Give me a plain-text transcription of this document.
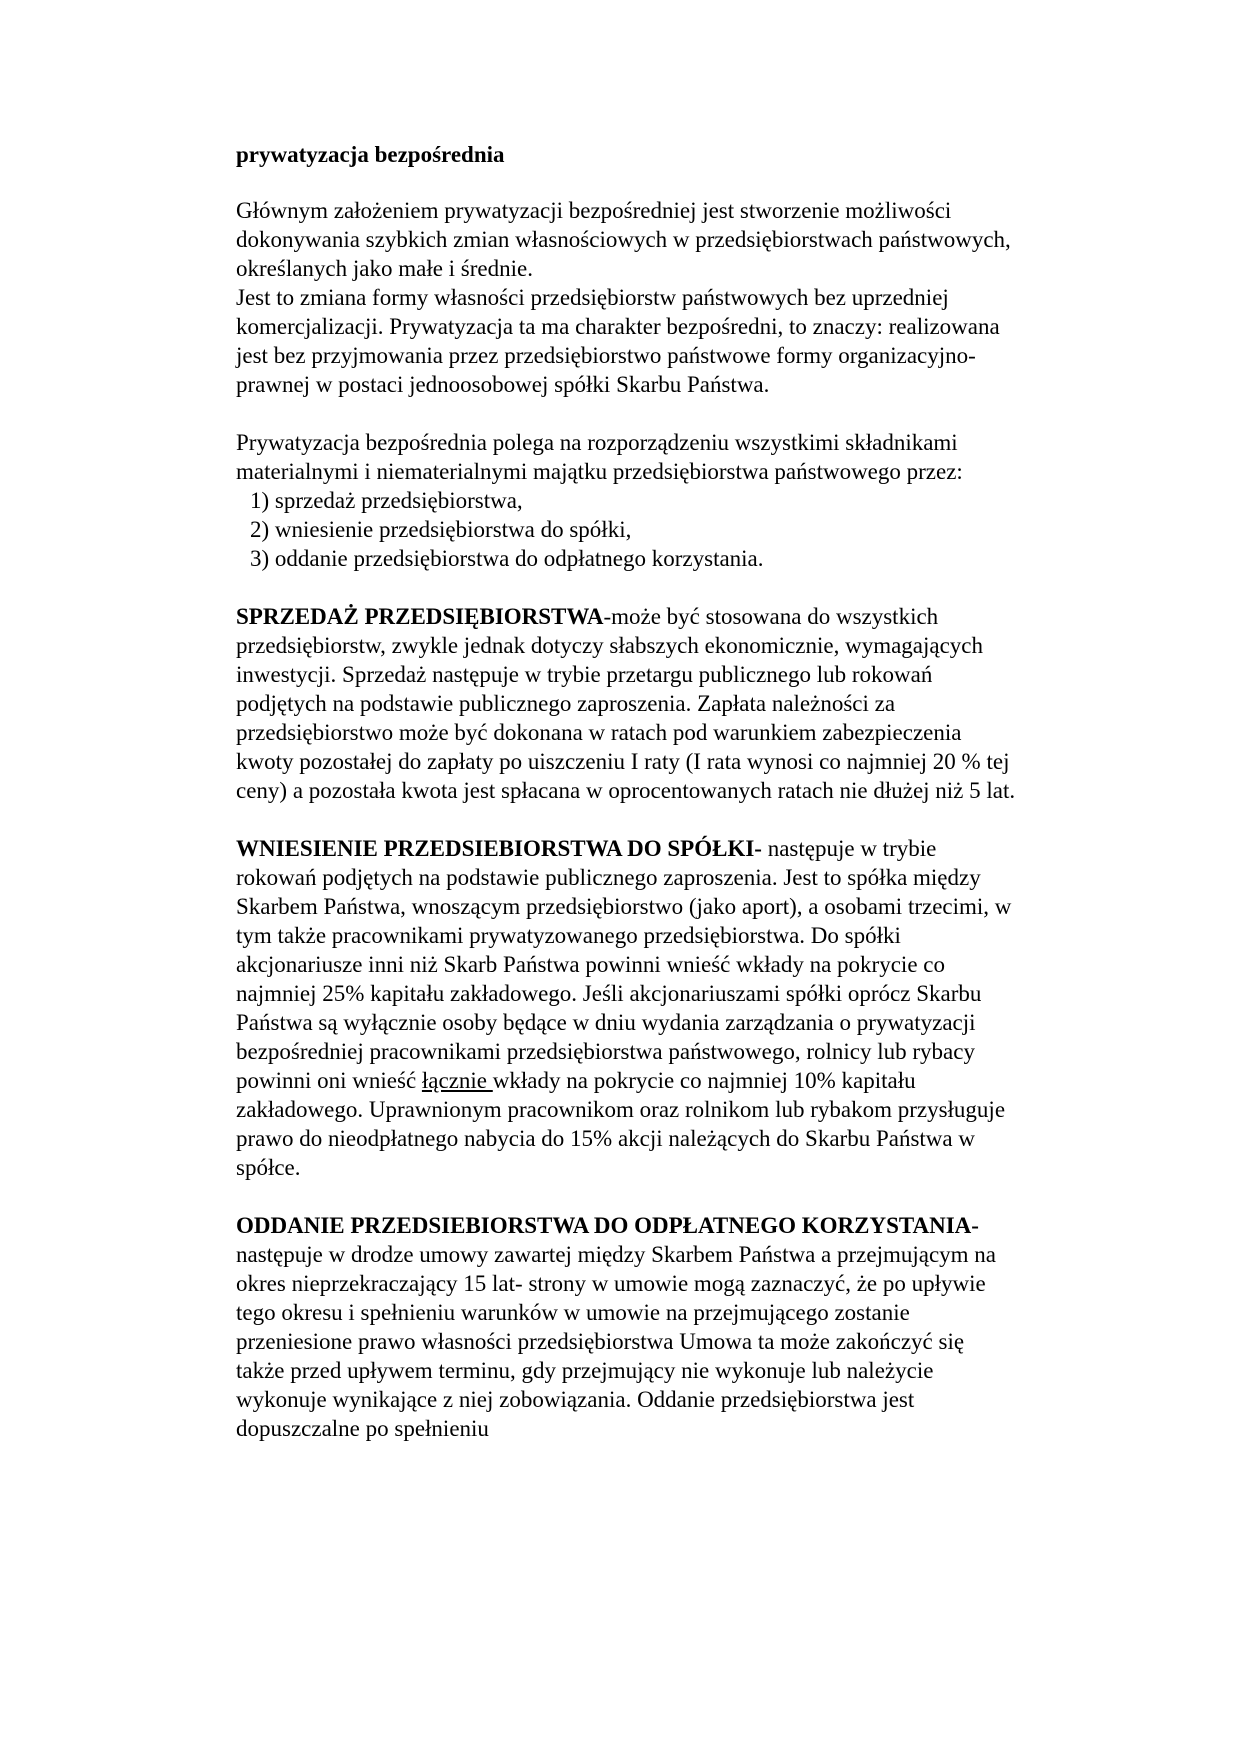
prywatyzacja bezpośrednia

Głównym założeniem prywatyzacji bezpośredniej jest stworzenie możliwości dokonywania szybkich zmian własnościowych w przedsiębiorstwach państwowych, określanych jako małe i średnie.

Jest to zmiana formy własności przedsiębiorstw państwowych bez uprzedniej komercjalizacji. Prywatyzacja ta ma charakter bezpośredni, to znaczy: realizowana jest bez przyjmowania przez przedsiębiorstwo państwowe formy organizacyjno-prawnej w postaci jednoosobowej spółki Skarbu Państwa.

Prywatyzacja bezpośrednia polega na rozporządzeniu wszystkimi składnikami materialnymi i niematerialnymi majątku przedsiębiorstwa państwowego przez:

1) sprzedaż przedsiębiorstwa,
2) wniesienie przedsiębiorstwa do spółki,
3) oddanie przedsiębiorstwa do odpłatnego korzystania.

SPRZEDAŻ PRZEDSIĘBIORSTWA-może być stosowana do wszystkich przedsiębiorstw, zwykle jednak dotyczy słabszych ekonomicznie, wymagających inwestycji. Sprzedaż następuje w trybie przetargu publicznego lub rokowań podjętych na podstawie publicznego zaproszenia. Zapłata należności za przedsiębiorstwo może być dokonana w ratach pod warunkiem zabezpieczenia kwoty pozostałej do zapłaty po uiszczeniu I raty (I rata wynosi co najmniej 20 % tej ceny) a pozostała kwota jest spłacana w oprocentowanych ratach nie dłużej niż 5 lat.

WNIESIENIE PRZEDSIEBIORSTWA DO SPÓŁKI- następuje w trybie rokowań podjętych na podstawie publicznego zaproszenia. Jest to spółka między Skarbem Państwa, wnoszącym przedsiębiorstwo (jako aport), a osobami trzecimi, w tym także pracownikami prywatyzowanego przedsiębiorstwa. Do spółki akcjonariusze inni niż Skarb Państwa powinni wnieść wkłady na pokrycie co najmniej 25% kapitału zakładowego. Jeśli akcjonariuszami spółki oprócz Skarbu Państwa są wyłącznie osoby będące w dniu wydania zarządzania o prywatyzacji bezpośredniej pracownikami przedsiębiorstwa państwowego, rolnicy lub rybacy powinni oni wnieść łącznie wkłady na pokrycie co najmniej 10% kapitału zakładowego. Uprawnionym pracownikom oraz rolnikom lub rybakom przysługuje prawo do nieodpłatnego nabycia do 15% akcji należących do Skarbu Państwa w spółce.

ODDANIE PRZEDSIEBIORSTWA DO ODPŁATNEGO KORZYSTANIA- następuje w drodze umowy zawartej między Skarbem Państwa a przejmującym na okres nieprzekraczający 15 lat- strony w umowie mogą zaznaczyć, że po upływie tego okresu i spełnieniu warunków w umowie na przejmującego zostanie przeniesione prawo własności przedsiębiorstwa Umowa ta może zakończyć się także przed upływem terminu, gdy przejmujący nie wykonuje lub należycie wykonuje wynikające z niej zobowiązania. Oddanie przedsiębiorstwa jest dopuszczalne po spełnieniu
